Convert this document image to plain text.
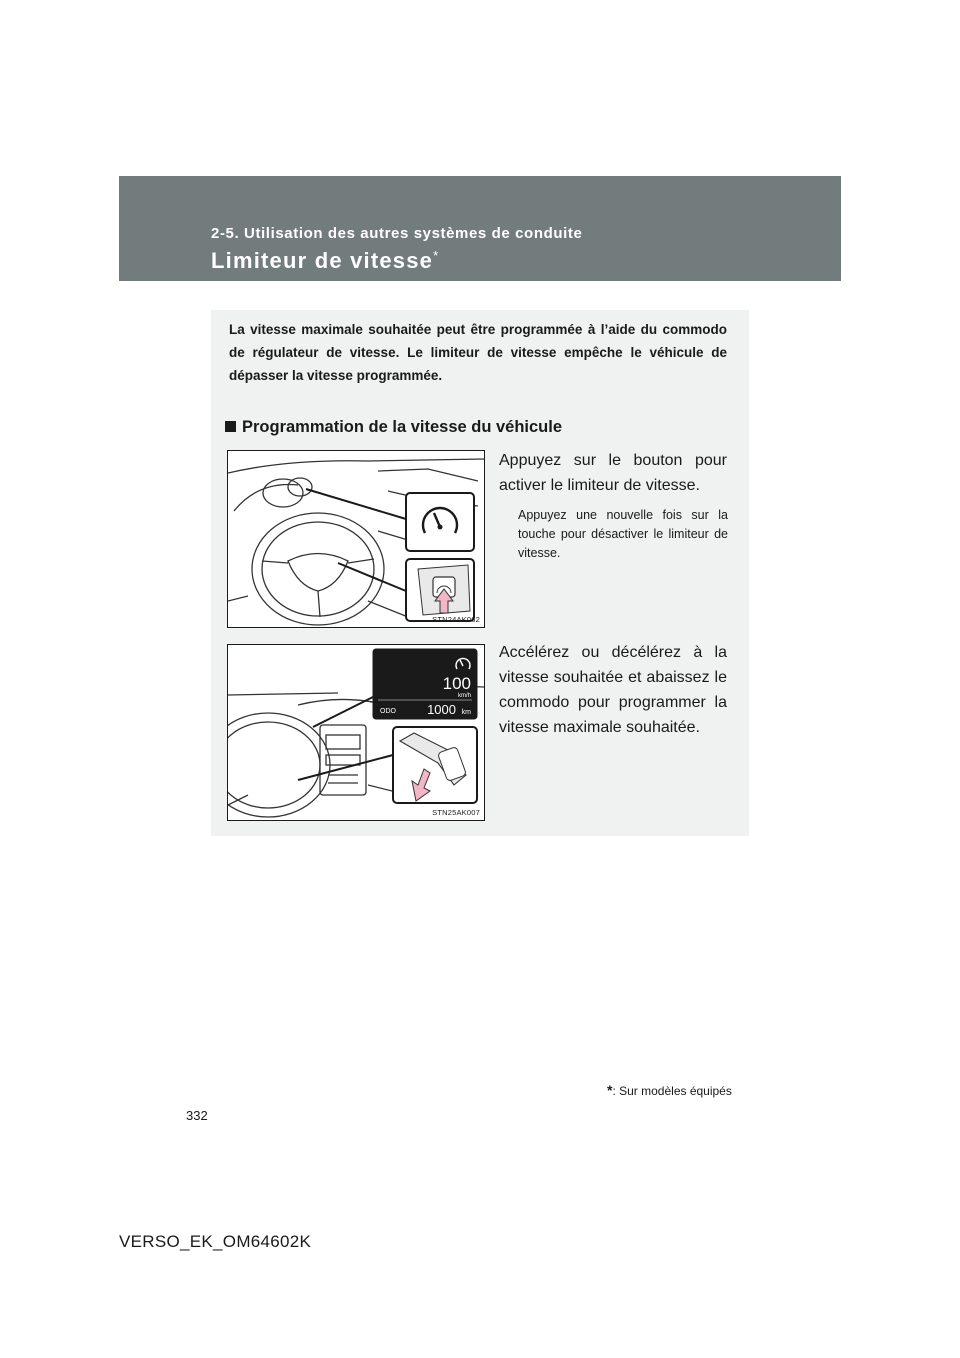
2-5. Utilisation des autres systèmes de conduite
Limiteur de vitesse*

La vitesse maximale souhaitée peut être programmée à l’aide du commodo de régulateur de vitesse. Le limiteur de vitesse empêche le véhicule de dépasser la vitesse programmée.

Programmation de la vitesse du véhicule
STN24AK062

Appuyez sur le bouton pour activer le limiteur de vitesse.

Appuyez une nouvelle fois sur la touche pour désactiver le limiteur de vitesse.

100
km/h
ODO 1000 km
STN25AK007

Accélérez ou décélérez à la vitesse souhaitée et abaissez le commodo pour programmer la vitesse maximale souhaitée.

*: Sur modèles équipés
332
VERSO_EK_OM64602K
